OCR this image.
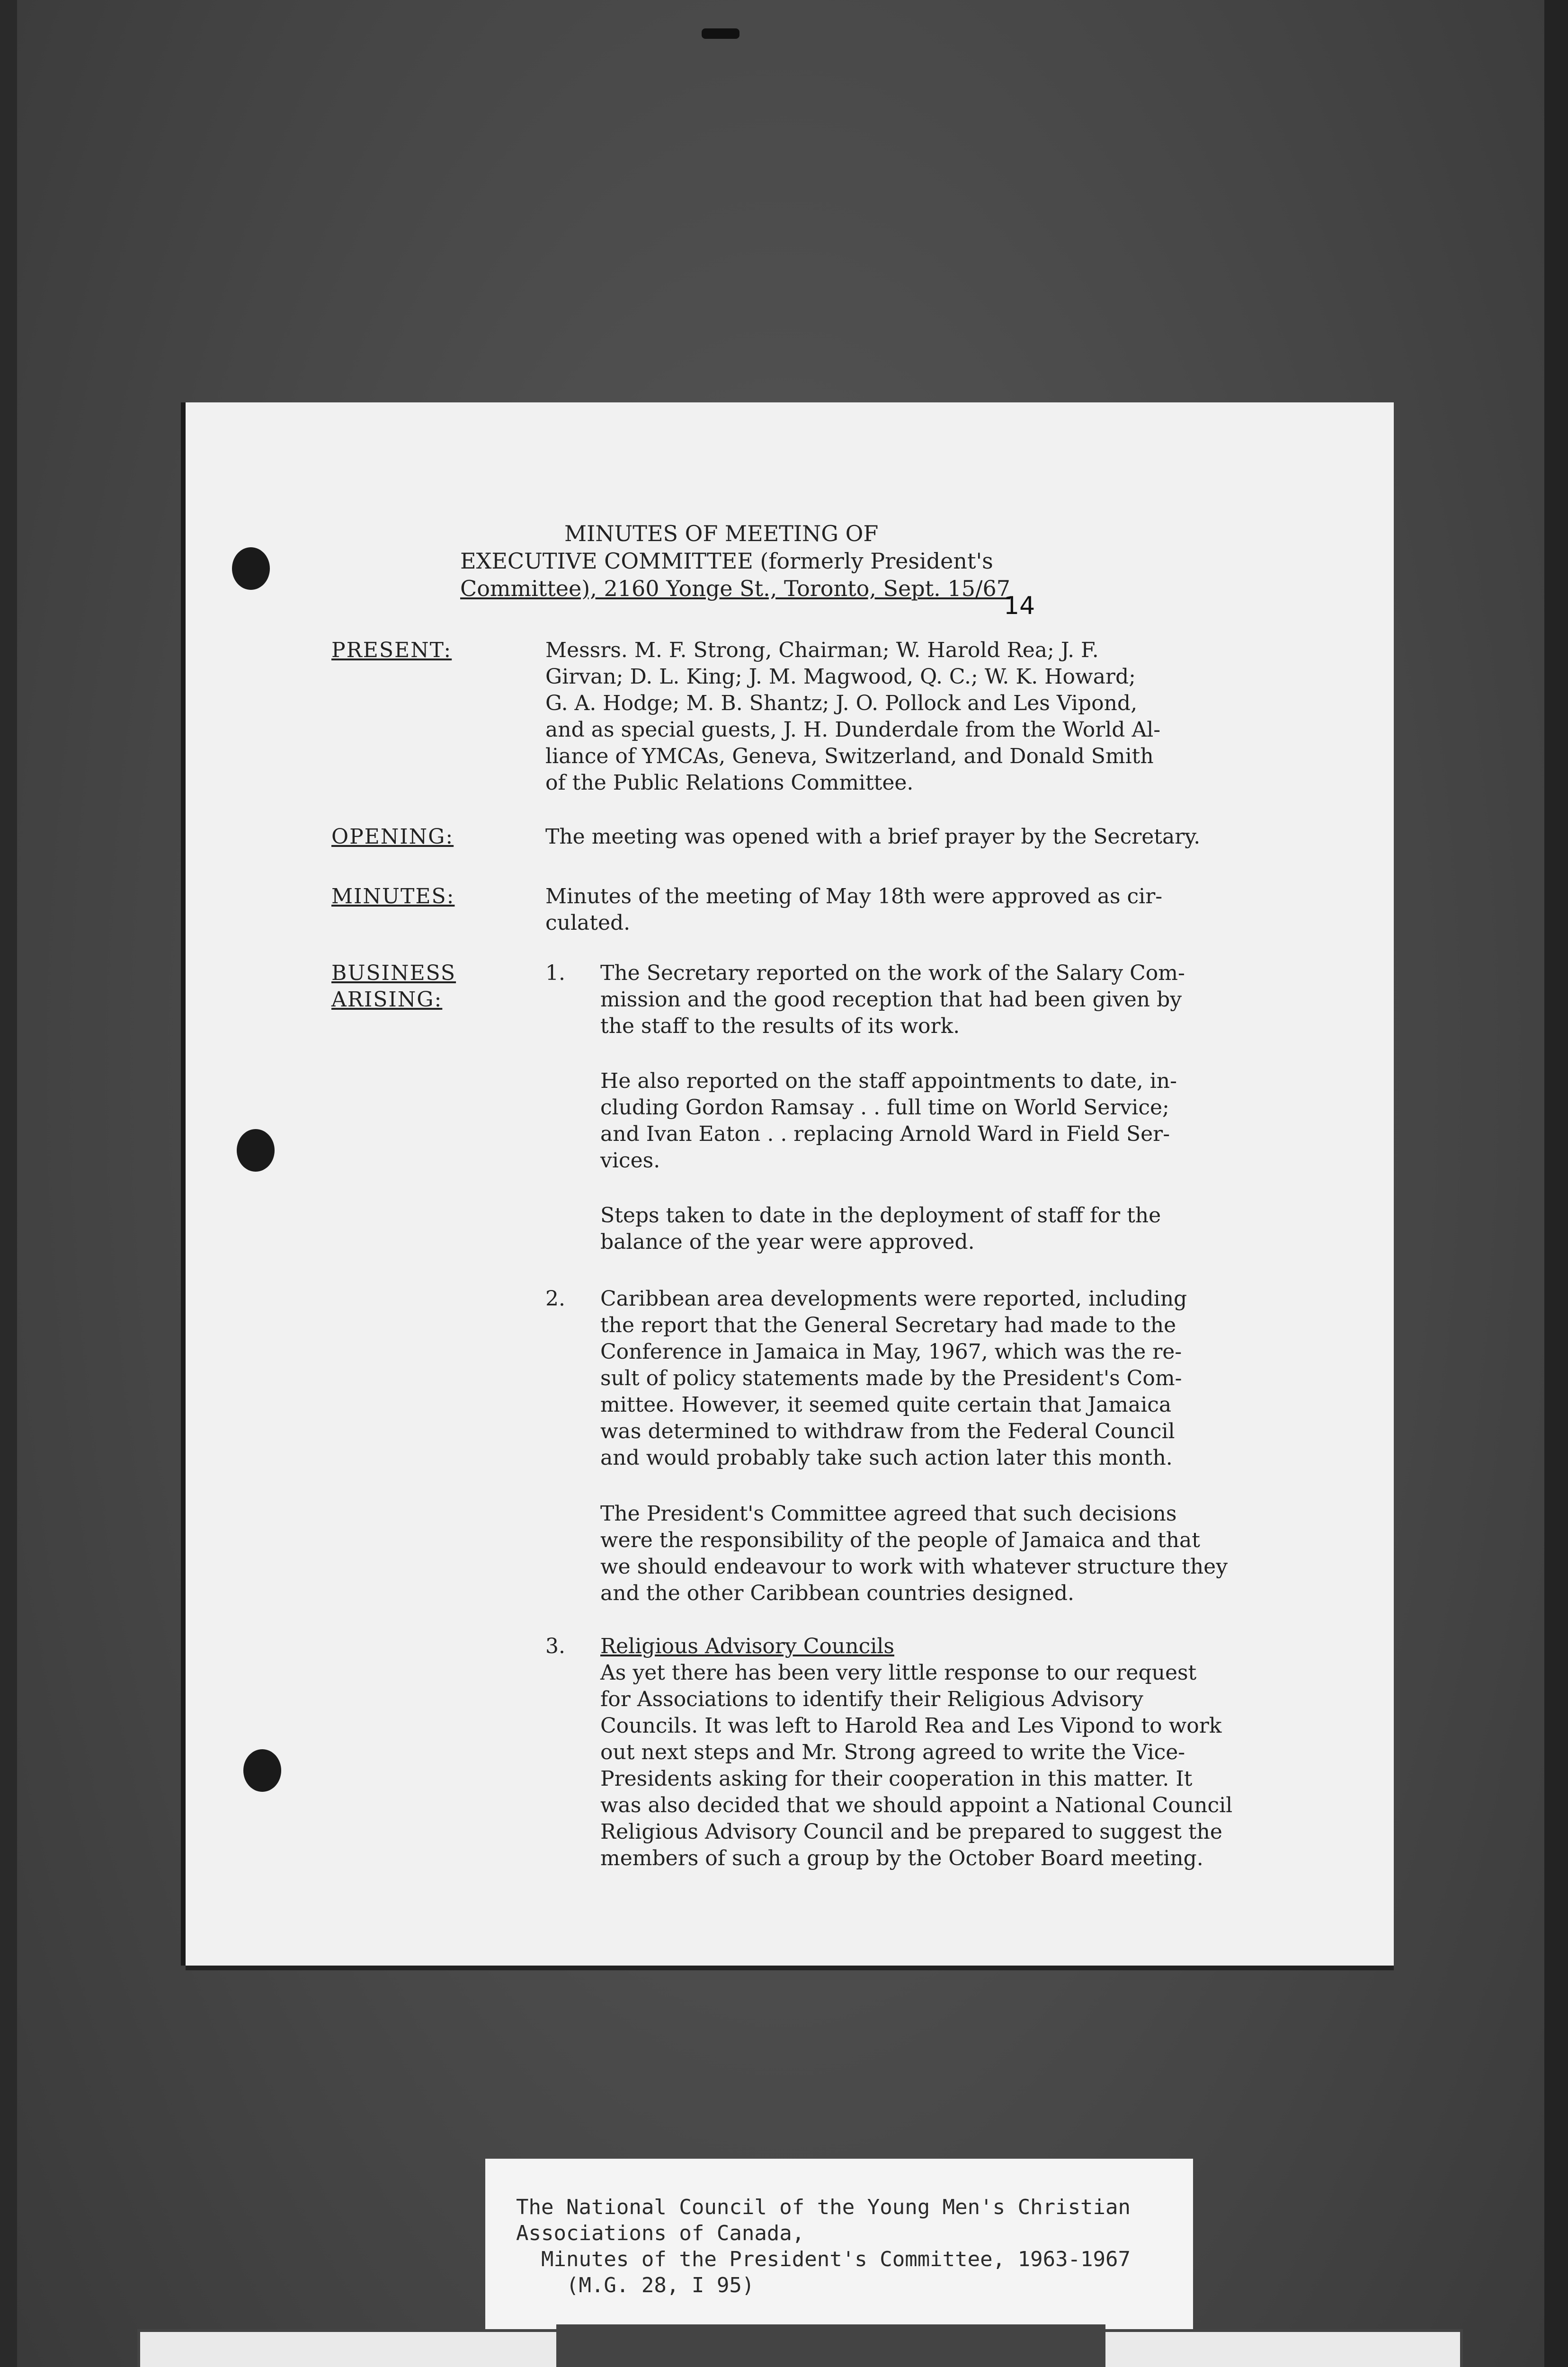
MINUTES OF MEETING OF
EXECUTIVE COMMITTEE (formerly President's
Committee), 2160 Yonge St., Toronto, Sept. 15/67
14
PRESENT:	Messrs. M. F. Strong, Chairman; W. Harold Rea; J. F.
Girvan; D. L. King; J. M. Magwood, Q. C.; W. K. Howard;
G. A. Hodge; M. B. Shantz; J. O. Pollock and Les Vipond,
and as special guests, J. H. Dunderdale from the World Al-
liance of YMCAs, Geneva, Switzerland, and Donald Smith
of the Public Relations Committee.
OPENING:	The meeting was opened with a brief prayer by the Secretary.
MINUTES:	Minutes of the meeting of May 18th were approved as cir-
culated.
BUSINESS
ARISING:
1. The Secretary reported on the work of the Salary Com-
mission and the good reception that had been given by
the staff to the results of its work.
He also reported on the staff appointments to date, in-
cluding Gordon Ramsay . . full time on World Service;
and Ivan Eaton . . replacing Arnold Ward in Field Ser-
vices.
Steps taken to date in the deployment of staff for the
balance of the year were approved.
2. Caribbean area developments were reported, including
the report that the General Secretary had made to the
Conference in Jamaica in May, 1967, which was the re-
sult of policy statements made by the President's Com-
mittee. However, it seemed quite certain that Jamaica
was determined to withdraw from the Federal Council
and would probably take such action later this month.
The President's Committee agreed that such decisions
were the responsibility of the people of Jamaica and that
we should endeavour to work with whatever structure they
and the other Caribbean countries designed.
3. Religious Advisory Councils
As yet there has been very little response to our request
for Associations to identify their Religious Advisory
Councils. It was left to Harold Rea and Les Vipond to work
out next steps and Mr. Strong agreed to write the Vice-
Presidents asking for their cooperation in this matter. It
was also decided that we should appoint a National Council
Religious Advisory Council and be prepared to suggest the
members of such a group by the October Board meeting.
The National Council of the Young Men's Christian
Associations of Canada,
Minutes of the President's Committee, 1963-1967
(M.G. 28, I 95)
